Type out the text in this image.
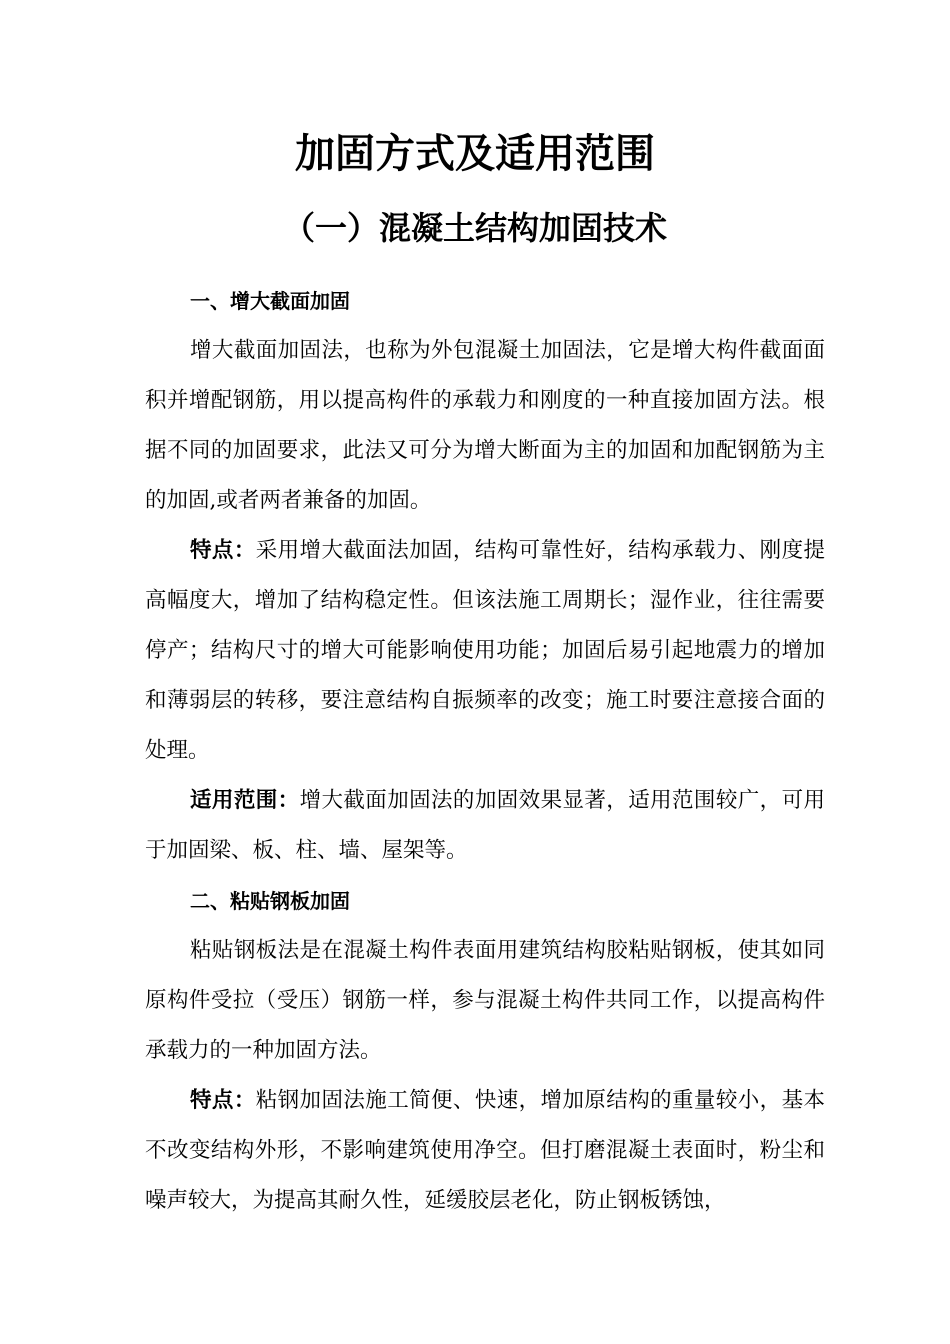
加固方式及适用范围
（一）混凝土结构加固技术

一、增大截面加固

增大截面加固法，也称为外包混凝土加固法，它是增大构件截面面积并增配钢筋，用以提高构件的承载力和刚度的一种直接加固方法。根据不同的加固要求，此法又可分为增大断面为主的加固和加配钢筋为主的加固,或者两者兼备的加固。

特点：采用增大截面法加固，结构可靠性好，结构承载力、刚度提高幅度大，增加了结构稳定性。但该法施工周期长；湿作业，往往需要停产；结构尺寸的增大可能影响使用功能；加固后易引起地震力的增加和薄弱层的转移，要注意结构自振频率的改变；施工时要注意接合面的处理。

适用范围：增大截面加固法的加固效果显著，适用范围较广，可用于加固梁、板、柱、墙、屋架等。

二、粘贴钢板加固

粘贴钢板法是在混凝土构件表面用建筑结构胶粘贴钢板，使其如同原构件受拉（受压）钢筋一样，参与混凝土构件共同工作，以提高构件承载力的一种加固方法。

特点：粘钢加固法施工简便、快速，增加原结构的重量较小，基本不改变结构外形，不影响建筑使用净空。但打磨混凝土表面时，粉尘和噪声较大，为提高其耐久性，延缓胶层老化，防止钢板锈蚀，
